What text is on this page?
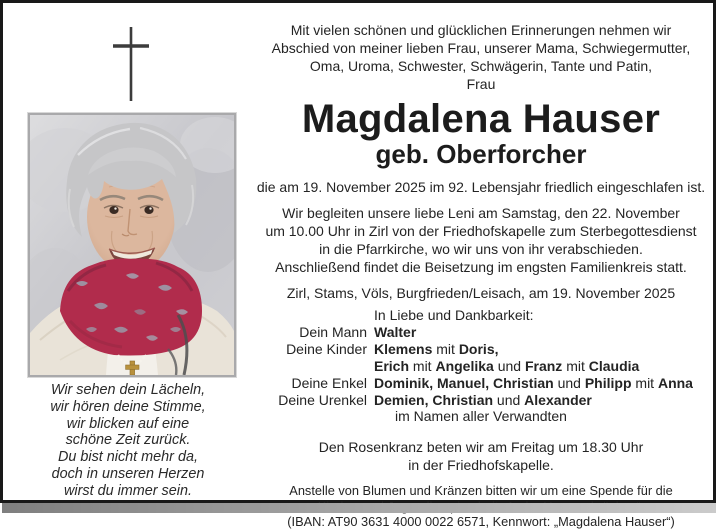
Wir sehen dein Lächeln,
wir hören deine Stimme,
wir blicken auf eine
schöne Zeit zurück.
Du bist nicht mehr da,
doch in unseren Herzen
wirst du immer sein.
Mit vielen schönen und glücklichen Erinnerungen nehmen wir
Abschied von meiner lieben Frau, unserer Mama, Schwiegermutter,
Oma, Uroma, Schwester, Schwägerin, Tante und Patin,
Frau
Magdalena Hauser
geb. Oberforcher
die am 19. November 2025 im 92. Lebensjahr friedlich eingeschlafen ist.
Wir begleiten unsere liebe Leni am Samstag, den 22. November
um 10.00 Uhr in Zirl von der Friedhofskapelle zum Sterbegottesdienst
in die Pfarrkirche, wo wir uns von ihr verabschieden.
Anschließend findet die Beisetzung im engsten Familienkreis statt.
Zirl, Stams, Völs, Burgfrieden/Leisach, am 19. November 2025
In Liebe und Dankbarkeit:
Dein Mann Walter
Deine Kinder Klemens mit Doris,
Erich mit Angelika und Franz mit Claudia
Deine Enkel Dominik, Manuel, Christian und Philipp mit Anna
Deine Urenkel Demien, Christian und Alexander
im Namen aller Verwandten
Den Rosenkranz beten wir am Freitag um 18.30 Uhr
in der Friedhofskapelle.
Anstelle von Blumen und Kränzen bitten wir um eine Spende für die
(IBAN: AT90 3631 4000 0022 6571, Kennwort: „Magdalena Hauser“)
